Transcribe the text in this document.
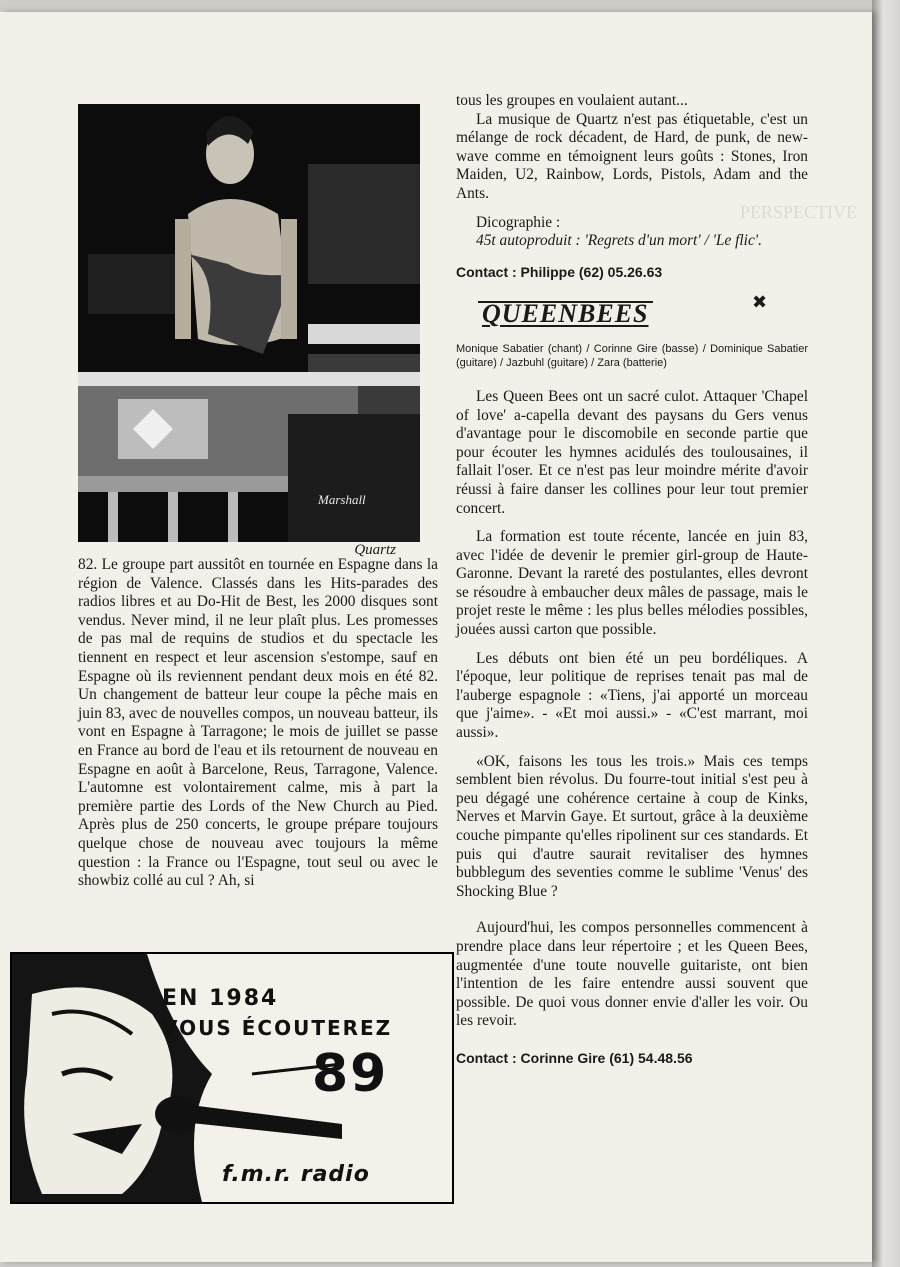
PERSPECTIVE
Marshall
Quartz

82. Le groupe part aussitôt en tournée en Espagne dans la région de Valence. Classés dans les Hits-parades des radios libres et au Do-Hit de Best, les 2000 disques sont vendus. Never mind, il ne leur plaît plus. Les promesses de pas mal de requins de studios et du spectacle les tiennent en respect et leur ascension s'estompe, sauf en Espagne où ils reviennent pendant deux mois en été 82. Un changement de batteur leur coupe la pêche mais en juin 83, avec de nouvelles compos, un nouveau batteur, ils vont en Espagne à Tarragone; le mois de juillet se passe en France au bord de l'eau et ils retournent de nouveau en Espagne en août à Barcelone, Reus, Tarragone, Valence. L'automne est volontairement calme, mis à part la première partie des Lords of the New Church au Pied. Après plus de 250 concerts, le groupe prépare toujours quelque chose de nouveau avec toujours la même question : la France ou l'Espagne, tout seul ou avec le showbiz collé au cul ? Ah, si

EN 1984
VOUS ÉCOUTEREZ
89
f.m.r. radio

tous les groupes en voulaient autant...

La musique de Quartz n'est pas étiquetable, c'est un mélange de rock décadent, de Hard, de punk, de new-wave comme en témoignent leurs goûts : Stones, Iron Maiden, U2, Rainbow, Lords, Pistols, Adam and the Ants.

Dicographie :

45t autoproduit : 'Regrets d'un mort' / 'Le flic'.

Contact : Philippe (62) 05.26.63

QUEENBEES

Monique Sabatier (chant) / Corinne Gire (basse) / Dominique Sabatier (guitare) / Jazbuhl (guitare) / Zara (batterie)

Les Queen Bees ont un sacré culot. Attaquer 'Chapel of love' a-capella devant des paysans du Gers venus d'avantage pour le discomobile en seconde partie que pour écouter les hymnes acidulés des toulousaines, il fallait l'oser. Et ce n'est pas leur moindre mérite d'avoir réussi à faire danser les collines pour leur tout premier concert.

La formation est toute récente, lancée en juin 83, avec l'idée de devenir le premier girl-group de Haute-Garonne. Devant la rareté des postulantes, elles devront se résoudre à embaucher deux mâles de passage, mais le projet reste le même : les plus belles mélodies possibles, jouées aussi carton que possible.

Les débuts ont bien été un peu bordéliques. A l'époque, leur politique de reprises tenait pas mal de l'auberge espagnole : «Tiens, j'ai apporté un morceau que j'aime». - «Et moi aussi.» - «C'est marrant, moi aussi».

«OK, faisons les tous les trois.» Mais ces temps semblent bien révolus. Du fourre-tout initial s'est peu à peu dégagé une cohérence certaine à coup de Kinks, Nerves et Marvin Gaye. Et surtout, grâce à la deuxième couche pimpante qu'elles ripolinent sur ces standards. Et puis qui d'autre saurait revitaliser des hymnes bubblegum des seventies comme le sublime 'Venus' des Shocking Blue ?

Aujourd'hui, les compos personnelles commencent à prendre place dans leur répertoire ; et les Queen Bees, augmentée d'une toute nouvelle guitariste, ont bien l'intention de les faire entendre aussi souvent que possible. De quoi vous donner envie d'aller les voir. Ou les revoir.

Contact : Corinne Gire (61) 54.48.56

✖
